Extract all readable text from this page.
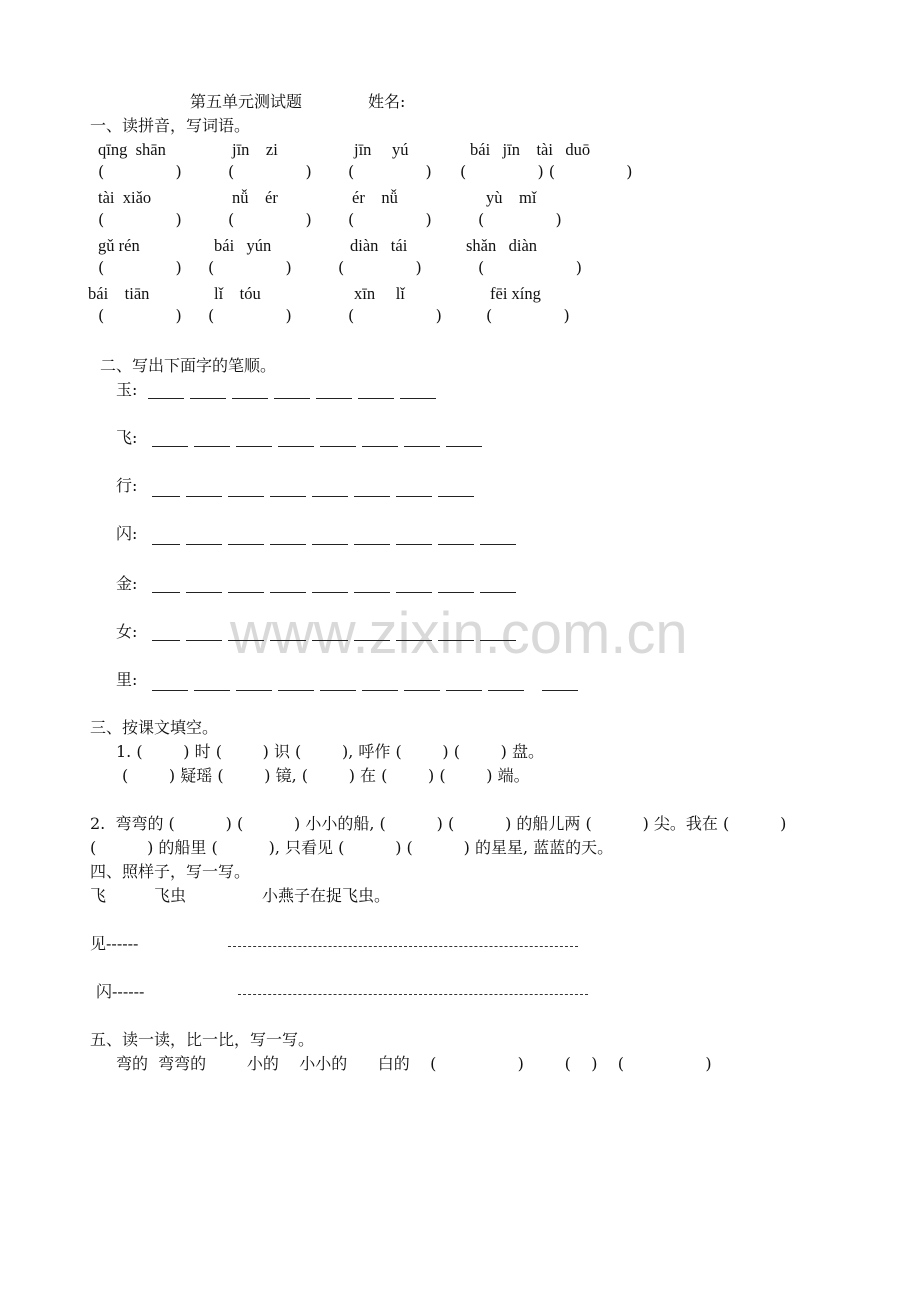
www.zixin.com.cn
第五单元测试题	姓名:
一、读拼音，写词语。
qīng  shān	jīn    zi	jīn     yú	bái   jīn    tài   duō
(              )	(              ) (              ) (              ) (              )
tài  xiǎo	nǚ    ér	ér    nǚ	yù    mǐ
(              )	(              ) (              )	(              )
gǔ rén	bái   yún	diàn   tái	shǎn   diàn
(              ) (              )	(              )	(                  )
bái    tiān	lǐ    tóu	xīn     lǐ	fēi xíng
(              ) (              )	(                )	(              )
二、写出下面字的笔顺。
玉:
飞:
行:
闪:
金:
女:
里:
三、按课文填空。
1. (        ) 时 (        ) 识 (        ), 呼作 (        ) (        ) 盘。
(        ) 疑瑶 (        ) 镜, (        ) 在 (        ) (        ) 端。
2.  弯弯的 (          ) (          ) 小小的船, (          ) (          ) 的船儿两 (          ) 尖。我在 (          )
(          ) 的船里 (          ), 只看见 (          ) (          ) 的星星, 蓝蓝的天。
四、照样子，写一写。
飞	飞虫	小燕子在捉飞虫。
见------
闪------
五、读一读，比一比，写一写。
弯的  弯弯的        小的    小小的      白的    (                )        (    )    (                )
